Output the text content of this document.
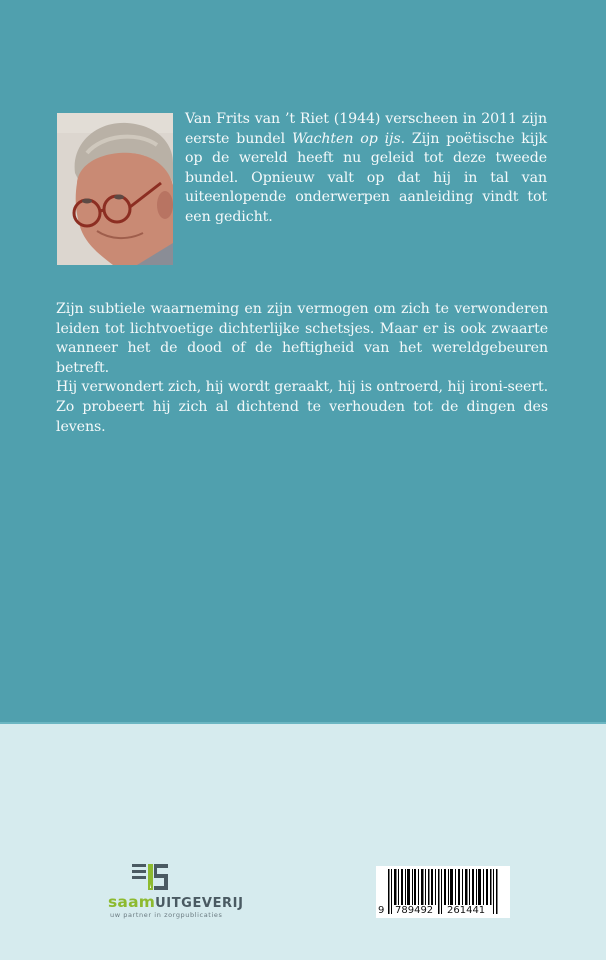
Van Frits van ’t Riet (1944) verscheen in 2011 zijn eerste bundel Wachten op ijs. Zijn poëtische kijk op de wereld heeft nu geleid tot deze tweede bundel. Opnieuw valt op dat hij in tal van uiteenlopende onderwerpen aanleiding vindt tot een gedicht.

Zijn subtiele waarneming en zijn vermogen om zich te verwonderen leiden tot lichtvoetige dichterlijke schetsjes. Maar er is ook zwaarte wanneer het de dood of de heftigheid van het wereldgebeuren betreft.

Hij verwondert zich, hij wordt geraakt, hij is ontroerd, hij ironi-seert. Zo probeert hij zich al dichtend te verhouden tot de dingen des levens.

saamUITGEVERIJ
uw partner in zorgpublicaties	9 789492 261441
